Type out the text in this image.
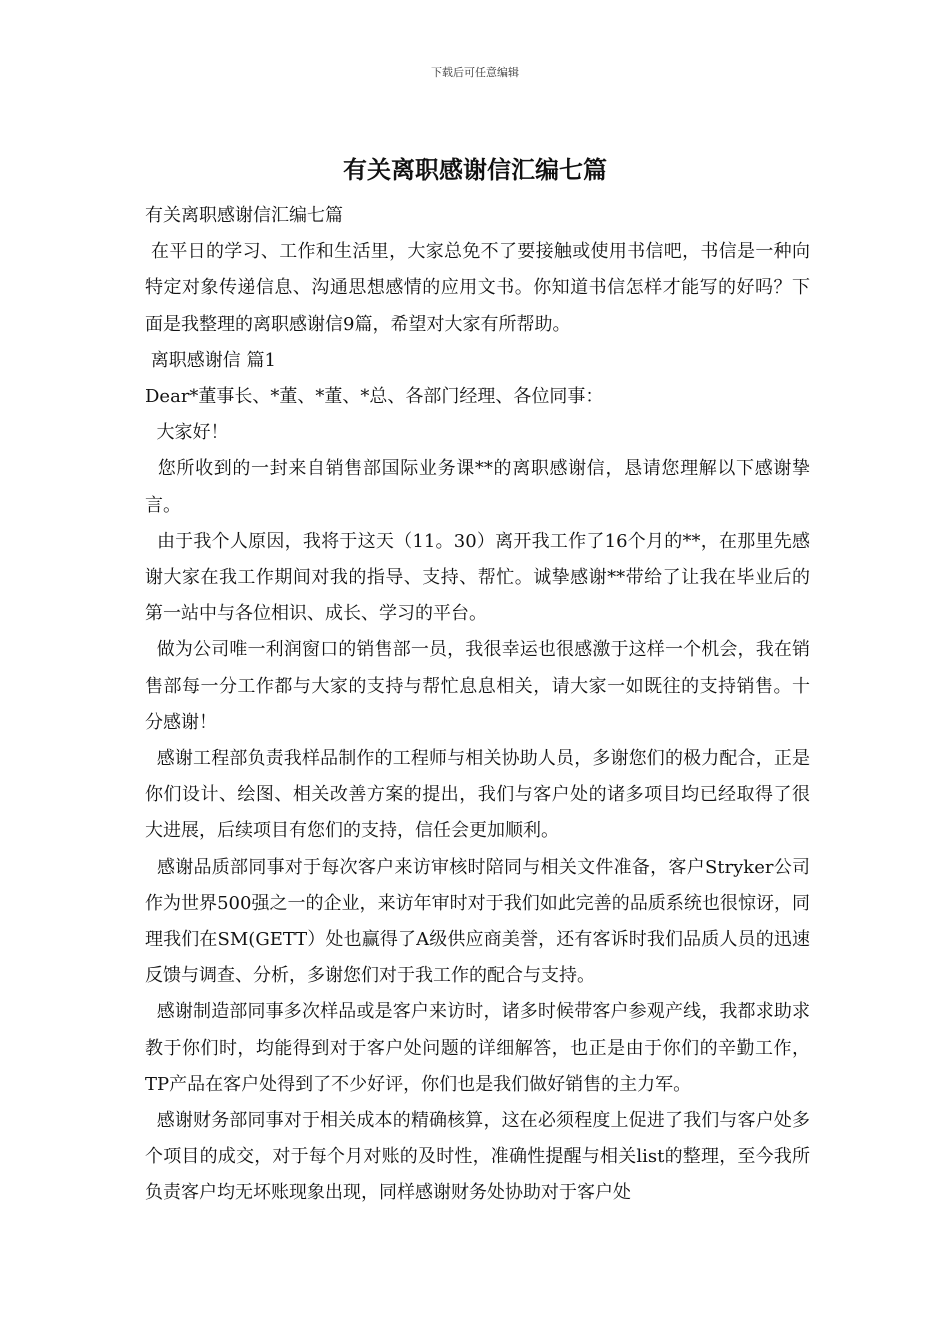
下载后可任意编辑
有关离职感谢信汇编七篇

有关离职感谢信汇编七篇

在平日的学习、工作和生活里，大家总免不了要接触或使用书信吧，书信是一种向特定对象传递信息、沟通思想感情的应用文书。你知道书信怎样才能写的好吗？下面是我整理的离职感谢信9篇，希望对大家有所帮助。

离职感谢信 篇1

Dear*董事长、*董、*董、*总、各部门经理、各位同事：

大家好！

您所收到的一封来自销售部国际业务课**的离职感谢信，恳请您理解以下感谢挚言。

由于我个人原因，我将于这天（11。30）离开我工作了16个月的**，在那里先感谢大家在我工作期间对我的指导、支持、帮忙。诚挚感谢**带给了让我在毕业后的第一站中与各位相识、成长、学习的平台。

做为公司唯一利润窗口的销售部一员，我很幸运也很感激于这样一个机会，我在销售部每一分工作都与大家的支持与帮忙息息相关，请大家一如既往的支持销售。十分感谢！

感谢工程部负责我样品制作的工程师与相关协助人员，多谢您们的极力配合，正是你们设计、绘图、相关改善方案的提出，我们与客户处的诸多项目均已经取得了很大进展，后续项目有您们的支持，信任会更加顺利。

感谢品质部同事对于每次客户来访审核时陪同与相关文件准备，客户Stryker公司作为世界500强之一的企业，来访年审时对于我们如此完善的品质系统也很惊讶，同理我们在SM(GETT）处也赢得了A级供应商美誉，还有客诉时我们品质人员的迅速反馈与调查、分析，多谢您们对于我工作的配合与支持。

感谢制造部同事多次样品或是客户来访时，诸多时候带客户参观产线，我都求助求教于你们时，均能得到对于客户处问题的详细解答，也正是由于你们的辛勤工作，TP产品在客户处得到了不少好评，你们也是我们做好销售的主力军。

感谢财务部同事对于相关成本的精确核算，这在必须程度上促进了我们与客户处多个项目的成交，对于每个月对账的及时性，准确性提醒与相关list的整理，至今我所负责客户均无坏账现象出现，同样感谢财务处协助对于客户处
